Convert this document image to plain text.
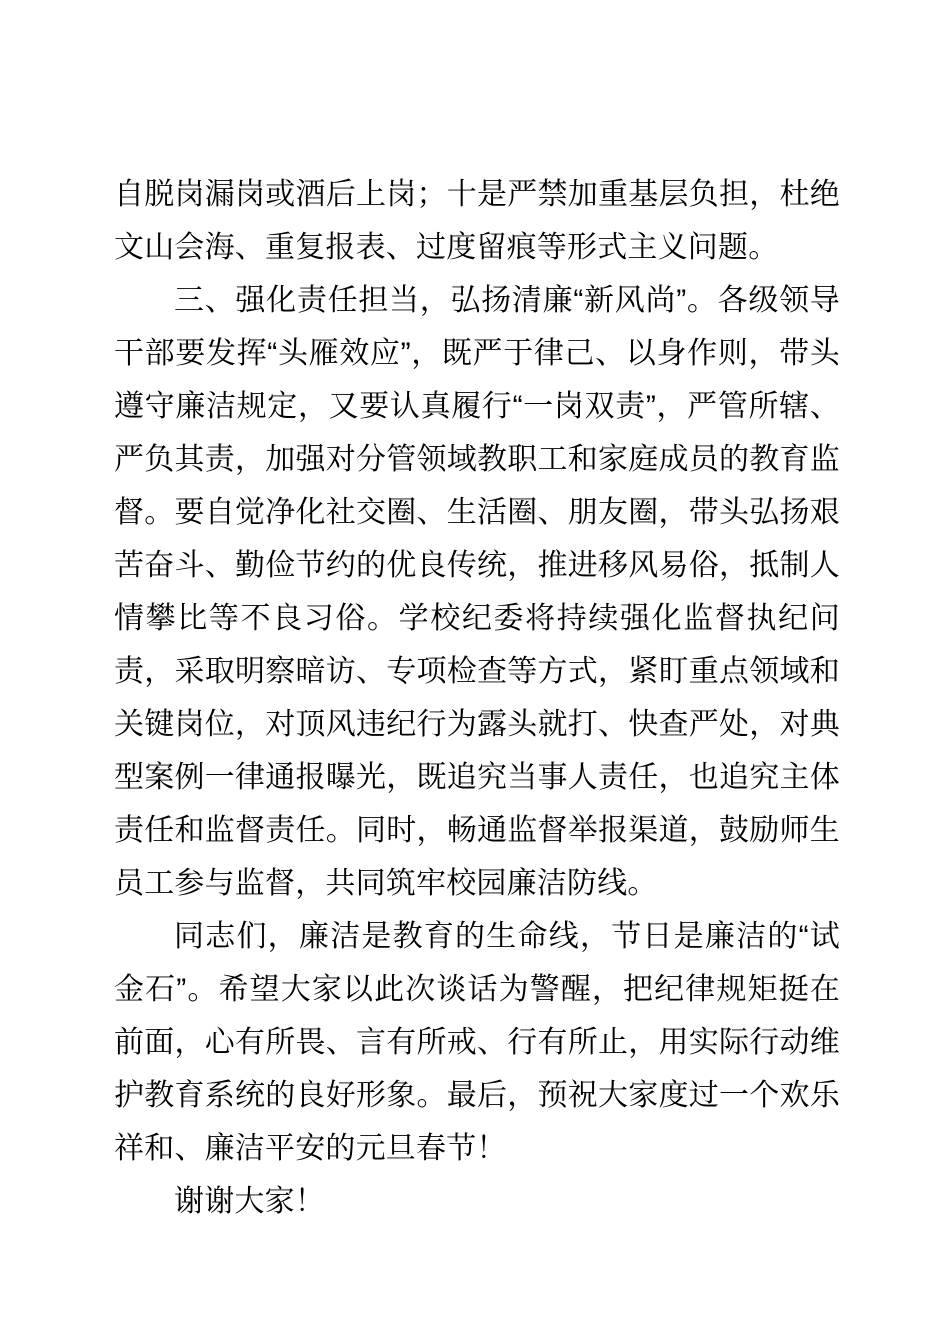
自脱岗漏岗或酒后上岗；十是严禁加重基层负担，杜绝文山会海、重复报表、过度留痕等形式主义问题。

三、强化责任担当，弘扬清廉“新风尚”。各级领导干部要发挥“头雁效应”，既严于律己、以身作则，带头遵守廉洁规定，又要认真履行“一岗双责”，严管所辖、严负其责，加强对分管领域教职工和家庭成员的教育监督。要自觉净化社交圈、生活圈、朋友圈，带头弘扬艰苦奋斗、勤俭节约的优良传统，推进移风易俗，抵制人情攀比等不良习俗。学校纪委将持续强化监督执纪问责，采取明察暗访、专项检查等方式，紧盯重点领域和关键岗位，对顶风违纪行为露头就打、快查严处，对典型案例一律通报曝光，既追究当事人责任，也追究主体责任和监督责任。同时，畅通监督举报渠道，鼓励师生员工参与监督，共同筑牢校园廉洁防线。

同志们，廉洁是教育的生命线，节日是廉洁的“试金石”。希望大家以此次谈话为警醒，把纪律规矩挺在前面，心有所畏、言有所戒、行有所止，用实际行动维护教育系统的良好形象。最后，预祝大家度过一个欢乐祥和、廉洁平安的元旦春节！

谢谢大家！
